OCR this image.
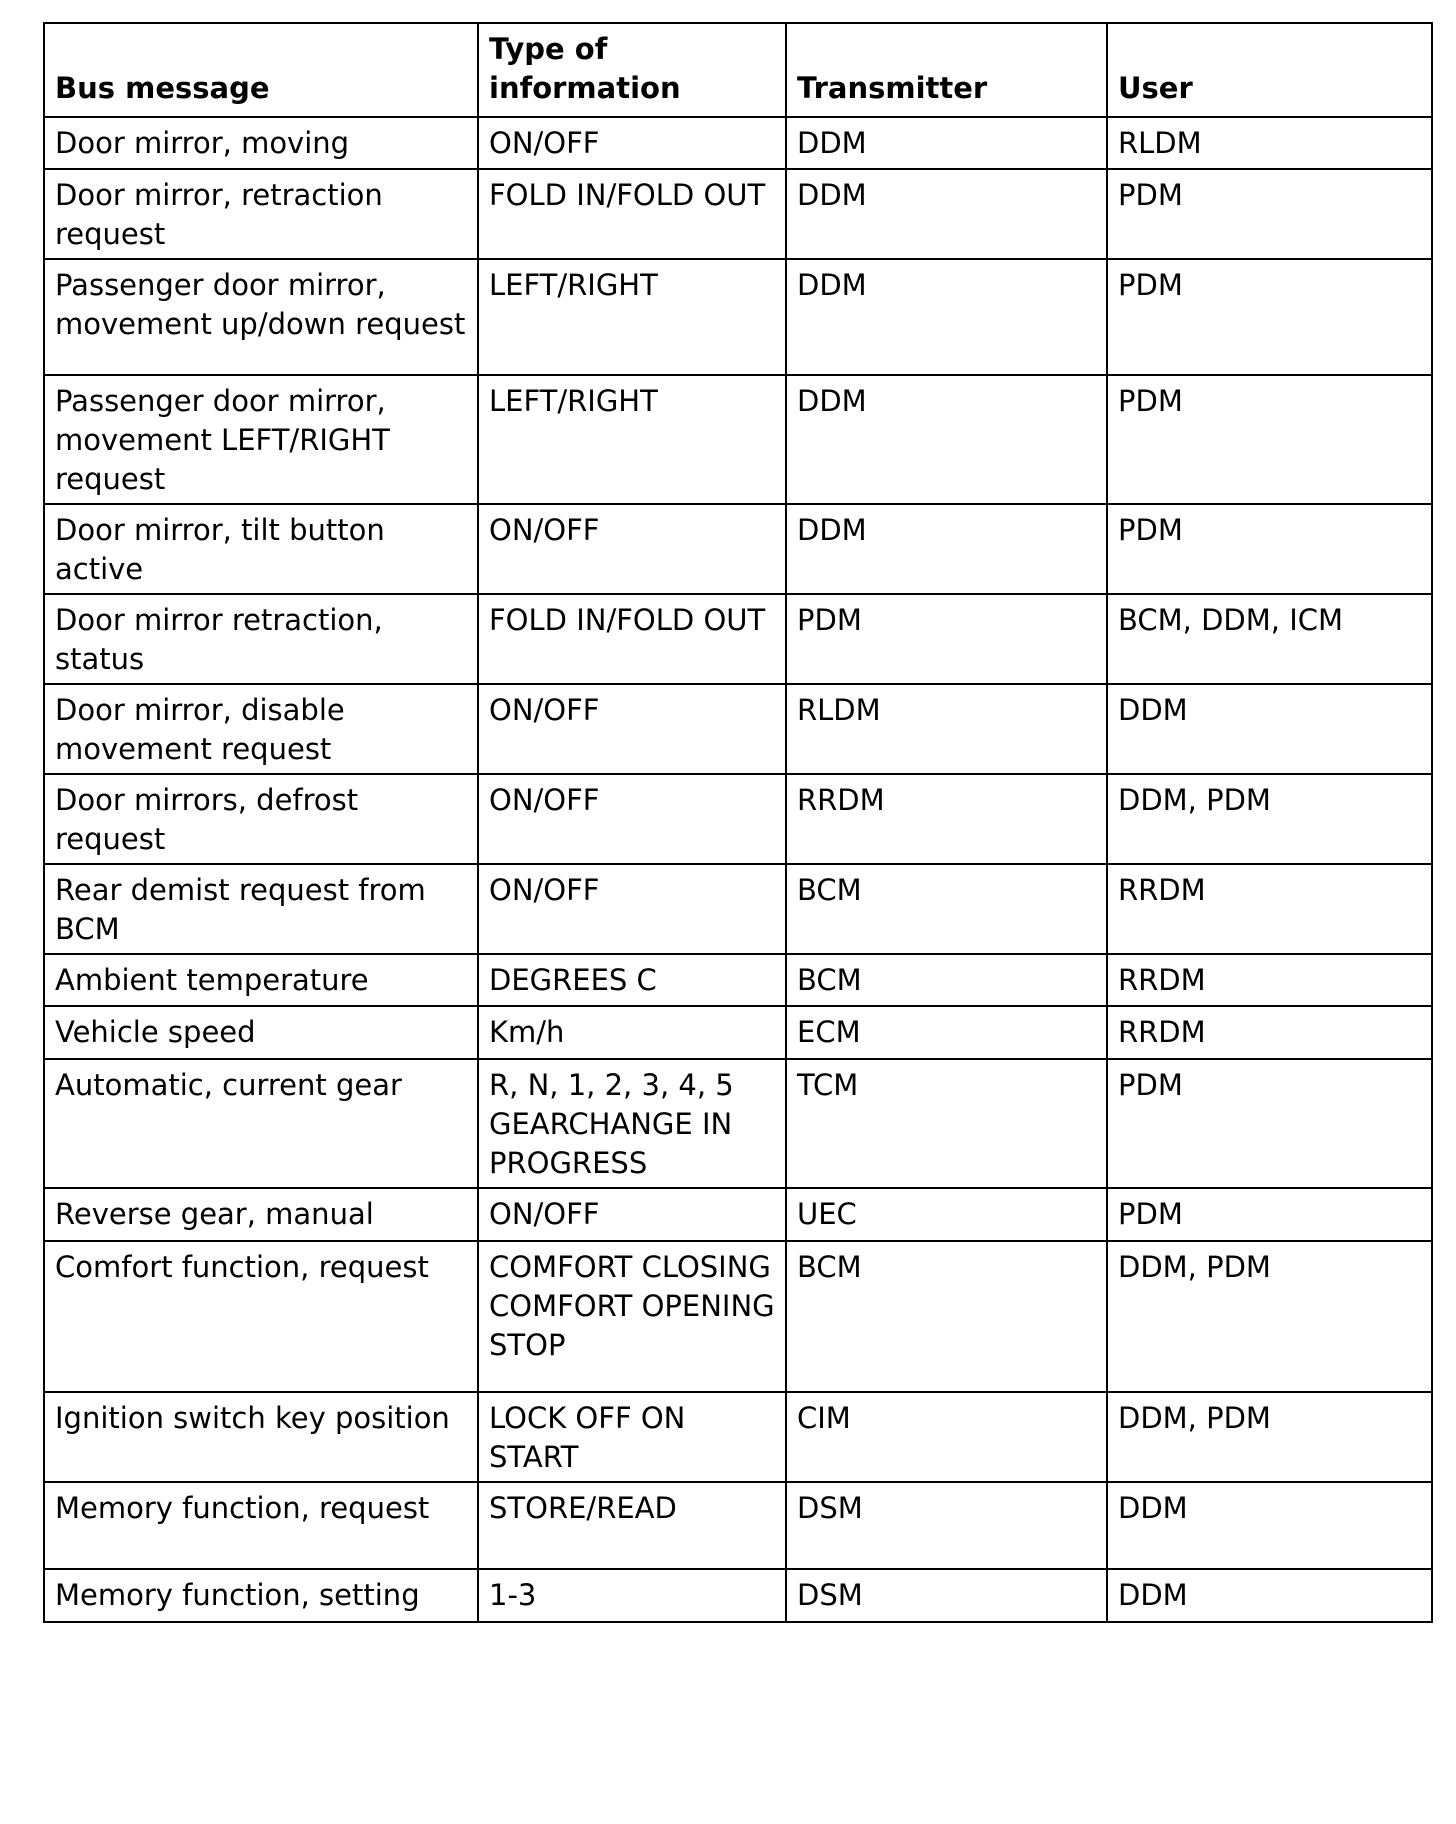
Bus message	Type of information	Transmitter	User
Door mirror, moving	ON/OFF	DDM	RLDM
Door mirror, retraction request	FOLD IN/FOLD OUT	DDM	PDM
Passenger door mirror, movement up/down request	LEFT/RIGHT	DDM	PDM
Passenger door mirror, movement LEFT/RIGHT request	LEFT/RIGHT	DDM	PDM
Door mirror, tilt button active	ON/OFF	DDM	PDM
Door mirror retraction, status	FOLD IN/FOLD OUT	PDM	BCM, DDM, ICM
Door mirror, disable movement request	ON/OFF	RLDM	DDM
Door mirrors, defrost request	ON/OFF	RRDM	DDM, PDM
Rear demist request from BCM	ON/OFF	BCM	RRDM
Ambient temperature	DEGREES C	BCM	RRDM
Vehicle speed	Km/h	ECM	RRDM
Automatic, current gear	R, N, 1, 2, 3, 4, 5 GEARCHANGE IN PROGRESS	TCM	PDM
Reverse gear, manual	ON/OFF	UEC	PDM
Comfort function, request	COMFORT CLOSING COMFORT OPENING STOP	BCM	DDM, PDM
Ignition switch key position	LOCK OFF ON START	CIM	DDM, PDM
Memory function, request	STORE/READ	DSM	DDM
Memory function, setting	1-3	DSM	DDM
